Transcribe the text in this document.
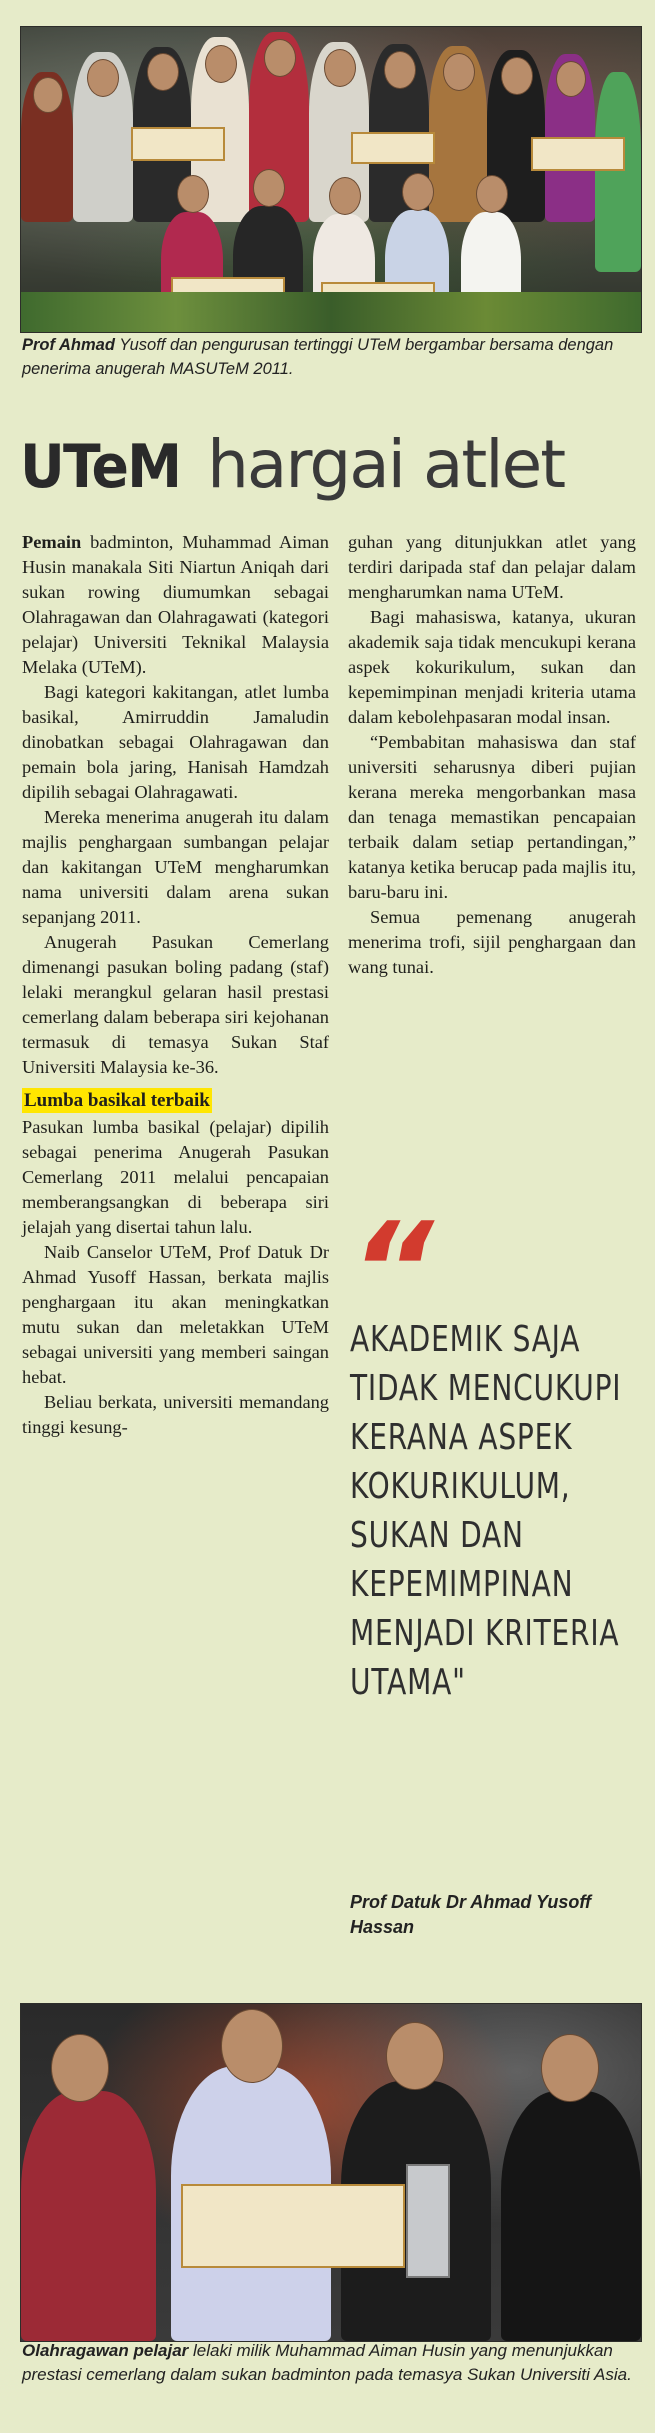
Prof Ahmad Yusoff dan pengurusan tertinggi UTeM bergambar bersama dengan penerima anugerah MASUTeM 2011.
UTeM hargai atlet

Pemain badminton, Muhammad Aiman Husin manakala Siti Niartun Aniqah dari sukan rowing diumumkan sebagai Olahragawan dan Olahragawati (kategori pelajar) Universiti Teknikal Malaysia Melaka (UTeM).

Bagi kategori kakitangan, atlet lumba basikal, Amirruddin Jamaludin dinobatkan sebagai Olahragawan dan pemain bola jaring, Hanisah Hamdzah dipilih sebagai Olahragawati.

Mereka menerima anugerah itu dalam majlis penghargaan sumbangan pelajar dan kakitangan UTeM mengharumkan nama universiti dalam arena sukan sepanjang 2011.

Anugerah Pasukan Cemerlang dimenangi pasukan boling padang (staf) lelaki merangkul gelaran hasil prestasi cemerlang dalam beberapa siri kejohanan termasuk di temasya Sukan Staf Universiti Malaysia ke-36.

Lumba basikal terbaik

Pasukan lumba basikal (pelajar) dipilih sebagai penerima Anugerah Pasukan Cemerlang 2011 melalui pencapaian memberangsangkan di beberapa siri jelajah yang disertai tahun lalu.

Naib Canselor UTeM, Prof Datuk Dr Ahmad Yusoff Hassan, berkata majlis penghargaan itu akan meningkatkan mutu sukan dan meletakkan UTeM sebagai universiti yang memberi saingan hebat.

Beliau berkata, universiti memandang tinggi kesung-

guhan yang ditunjukkan atlet yang terdiri daripada staf dan pelajar dalam mengharumkan nama UTeM.

Bagi mahasiswa, katanya, ukuran akademik saja tidak mencukupi kerana aspek kokurikulum, sukan dan kepemimpinan menjadi kriteria utama dalam kebolehpasaran modal insan.

“Pembabitan mahasiswa dan staf universiti seharusnya diberi pujian kerana mereka mengorbankan masa dan tenaga memastikan pencapaian terbaik dalam setiap pertandingan,” katanya ketika berucap pada majlis itu, baru-baru ini.

Semua pemenang anugerah menerima trofi, sijil penghargaan dan wang tunai.

“
AKADEMIK SAJA TIDAK MENCUKUPI KERANA ASPEK KOKURIKULUM, SUKAN DAN KEPEMIMPINAN MENJADI KRITERIA UTAMA"
Prof Datuk Dr Ahmad Yusoff Hassan
Olahragawan pelajar lelaki milik Muhammad Aiman Husin yang menunjukkan prestasi cemerlang dalam sukan badminton pada temasya Sukan Universiti Asia.
